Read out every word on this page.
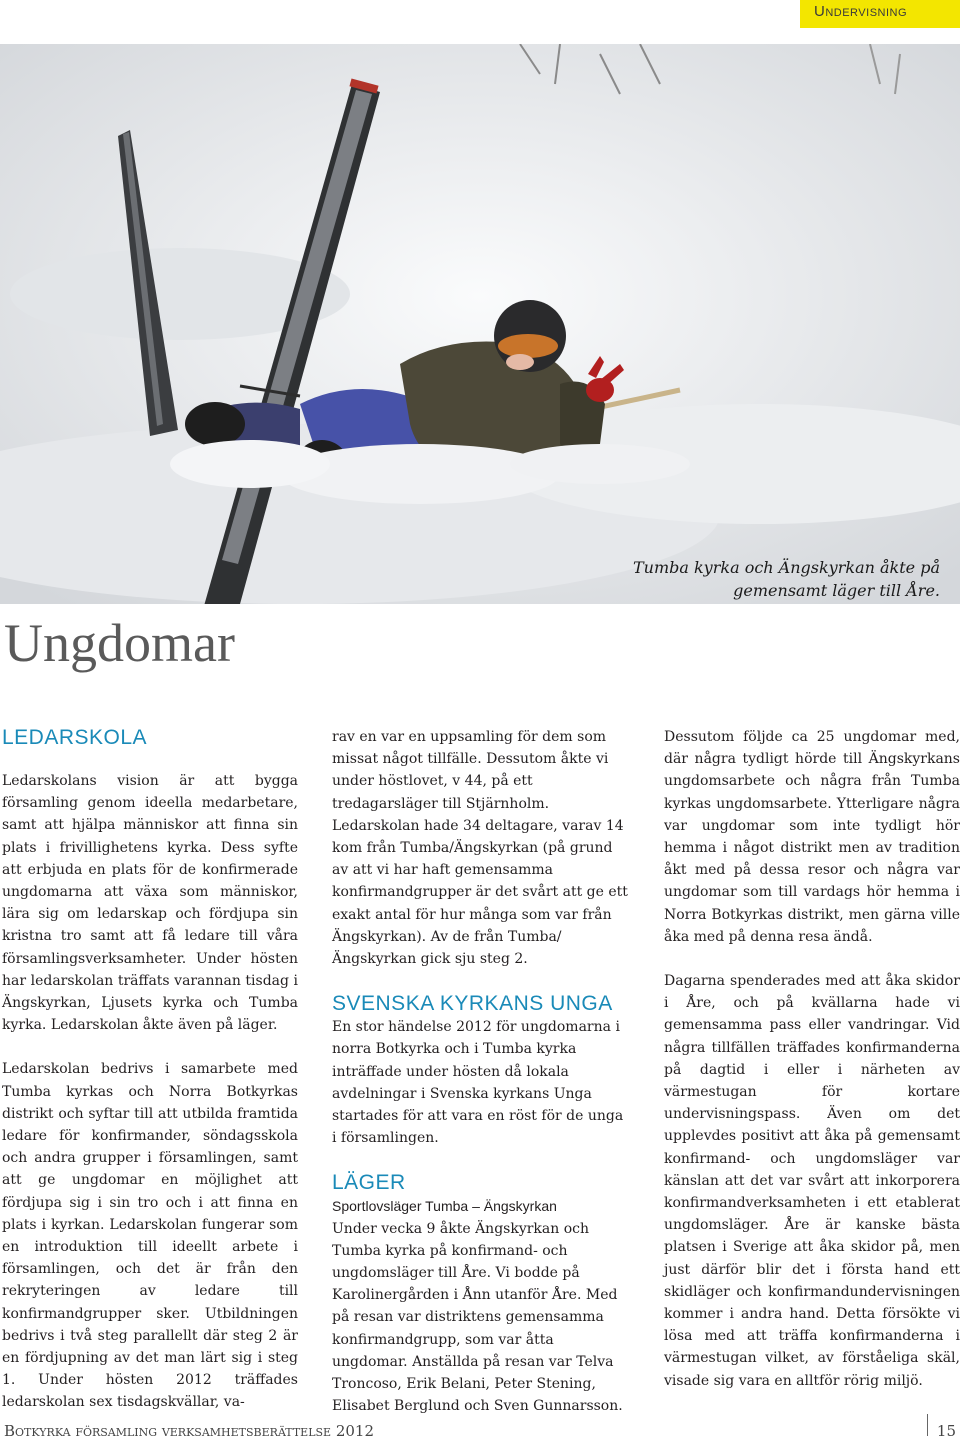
Undervisning
Tumba kyrka och Ängskyrkan åkte på gemensamt läger till Åre.
Ungdomar
LEDARSKOLA

Ledarskolans vision är att bygga församling genom ideella medarbetare, samt att hjälpa människor att finna sin plats i frivillighetens kyrka. Dess syfte att erbjuda en plats för de konfirmerade ungdomarna att växa som människor, lära sig om ledarskap och fördjupa sin kristna tro samt att få ledare till våra församlingsverksamheter. Under hösten har ledarskolan träffats varannan tisdag i Ängskyrkan, Ljusets kyrka och Tumba kyrka. Ledarskolan åkte även på läger.

Ledarskolan bedrivs i samarbete med Tumba kyrkas och Norra Botkyrkas distrikt och syftar till att utbilda framtida ledare för konfirmander, söndagsskola och andra grupper i församlingen, samt att ge ungdomar en möjlighet att fördjupa sig i sin tro och i att finna en plats i kyrkan. Ledarskolan fungerar som en introduktion till ideellt arbete i församlingen, och det är från den rekryteringen av ledare till konfirmandgrupper sker. Utbildningen bedrivs i två steg parallellt där steg 2 är en fördjupning av det man lärt sig i steg 1. Under hösten 2012 träffades ledarskolan sex tisdagskvällar, va-

rav en var en uppsamling för dem som missat något tillfälle. Dessutom åkte vi under höstlovet, v 44, på ett tredagarsläger till Stjärnholm. Ledarskolan hade 34 deltagare, varav 14 kom från Tumba/Ängskyrkan (på grund av att vi har haft gemensamma konfirmandgrupper är det svårt att ge ett exakt antal för hur många som var från Ängskyrkan). Av de från Tumba/Ängskyrkan gick sju steg 2.

SVENSKA KYRKANS UNGA

En stor händelse 2012 för ungdomarna i norra Botkyrka och i Tumba kyrka inträffade under hösten då lokala avdelningar i Svenska kyrkans Unga startades för att vara en röst för de unga i församlingen.

LÄGER

Sportlovsläger Tumba – Ängskyrkan

Under vecka 9 åkte Ängskyrkan och Tumba kyrka på konfirmand- och ungdomsläger till Åre. Vi bodde på Karolinergården i Ånn utanför Åre. Med på resan var distriktens gemensamma konfirmandgrupp, som var åtta ungdomar. Anställda på resan var Telva Troncoso, Erik Belani, Peter Stening, Elisabet Berglund och Sven Gunnarsson.

Dessutom följde ca 25 ungdomar med, där några tydligt hörde till Ängskyrkans ungdomsarbete och några från Tumba kyrkas ungdomsarbete. Ytterligare några var ungdomar som inte tydligt hör hemma i något distrikt men av tradition åkt med på dessa resor och några var ungdomar som till vardags hör hemma i Norra Botkyrkas distrikt, men gärna ville åka med på denna resa ändå.

Dagarna spenderades med att åka skidor i Åre, och på kvällarna hade vi gemensamma pass eller vandringar. Vid några tillfällen träffades konfirmanderna på dagtid i eller i närheten av värmestugan för kortare undervisningspass. Även om det upplevdes positivt att åka på gemensamt konfirmand- och ungdomsläger var känslan att det var svårt att inkorporera konfirmandverksamheten i ett etablerat ungdomsläger. Åre är kanske bästa platsen i Sverige att åka skidor på, men just därför blir det i första hand ett skidläger och konfirmandundervisningen kommer i andra hand. Detta försökte vi lösa med att träffa konfirmanderna i värmestugan vilket, av förståeliga skäl, visade sig vara en alltför rörig miljö.

Botkyrka församling verksamhetsberättelse 2012	15
